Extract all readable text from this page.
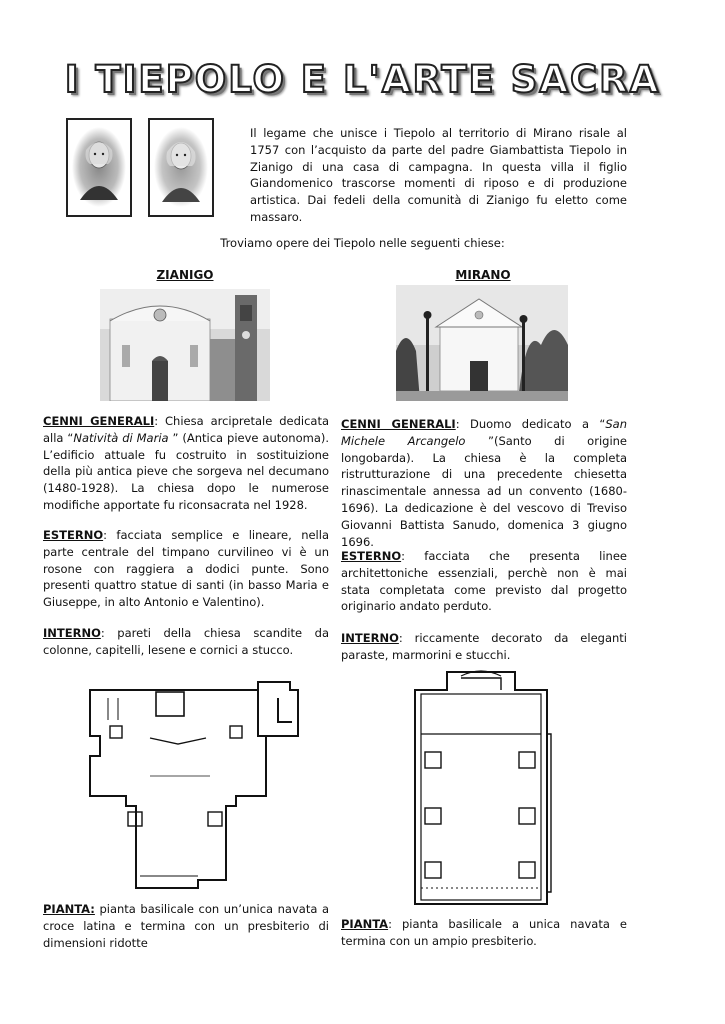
I TIEPOLO E L'ARTE SACRA
Il legame che unisce i Tiepolo al territorio di Mirano risale al 1757 con l’acquisto da parte del padre Giambattista Tiepolo in Zianigo di una casa di campagna. In questa villa il figlio Giandomenico trascorse momenti di riposo e di produzione artistica. Dai fedeli della comunità di Zianigo fu eletto come massaro.
Troviamo opere dei Tiepolo nelle seguenti chiese:
ZIANIGO	MIRANO
CENNI GENERALI: Chiesa arcipretale dedicata alla “Natività di Maria ” (Antica pieve autonoma). L’edificio attuale fu costruito in sostituizione della più antica pieve che sorgeva nel decumano (1480-1928). La chiesa dopo le numerose modifiche apportate fu riconsacrata nel 1928.
ESTERNO: facciata semplice e lineare, nella parte centrale del timpano curvilineo vi è un rosone con raggiera a dodici punte. Sono presenti quattro statue di santi (in basso Maria e Giuseppe, in alto Antonio e Valentino).
INTERNO: pareti della chiesa scandite da colonne, capitelli, lesene e cornici a stucco.
CENNI GENERALI: Duomo dedicato a “San Michele Arcangelo ”(Santo di origine longobarda). La chiesa è la completa ristrutturazione di una precedente chiesetta rinascimentale annessa ad un convento (1680-1696). La dedicazione è del vescovo di Treviso Giovanni Battista Sanudo, domenica 3 giugno 1696.
ESTERNO: facciata che presenta linee architettoniche essenziali, perchè non è mai stata completata come previsto dal progetto originario andato perduto.
INTERNO: riccamente decorato da eleganti paraste, marmorini e stucchi.
PIANTA: pianta basilicale con un’unica navata a croce latina e termina con un presbiterio di dimensioni ridotte
PIANTA: pianta basilicale a unica navata e termina con un ampio presbiterio.
